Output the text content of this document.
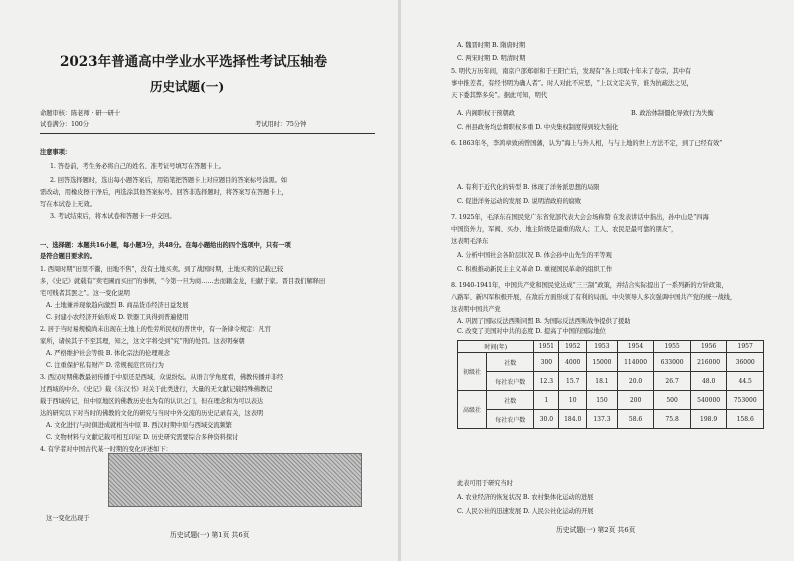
2023年普通高中学业水平选择性考试压轴卷
历史试题(一)
命题审核：陈老师 · 研一研十
试卷满分：100分	考试用时：75分钟
注意事项：
1. 答卷前，考生务必将自己的姓名、准考证号填写在答题卡上。
2. 回答选择题时，选出每小题答案后，用铅笔把答题卡上对应题目的答案标号涂黑。如
需改动，用橡皮擦干净后，再选涂其他答案标号。回答非选择题时，将答案写在答题卡上，
写在本试卷上无效。
3. 考试结束后，将本试卷和答题卡一并交回。
一、选择题：本题共16小题，每小题3分，共48分。在每小题给出的四个选项中，只有一项
是符合题目要求的。
1. 西周时期“田里不鬻，田地不售”，没有土地买卖。到了战国时期，土地买卖的记载已较
多，《史记》就载有“卖宅圃而买田”的事例，“今第一旦为商……去而籍金龙，归献于家。晋目我们解释田
宅可贱者其罢之”。这一变化说明
A. 土地兼并现象趋向激烈 B. 商品货币经济日益发展
C. 封建小农经济开始形成 D. 铁器工具得到普遍使用
2. 居于当时易规模尚未出现在土地上的性劳所民权的普世中，有一条律令规定：凡官
家所，诸侯其子不至其理，知之，这文字将受到“究”刑的处罚。这表明秦朝
A. 严格维护社会等级 B. 体化宗法的伦理观念
C. 注重保护私有财产 D. 常规视范官员行为
3. 西汉时期佛教最初传播于中原还是西域，众说纷纭。从语言学角度看，佛教传播并非经
过西域的中介。《史记》载《东汉书》对关于此类进行，大量的无文献记载特殊佛教记
载于西域传记，但中原地区的佛教历史也为有的认识之门，但在理念和为可以表达
达的研究以下对当时的佛教的文化的研究与当时中外交流的历史记录有关，这表明
A. 文化进行与时俱进成就相当中原 B. 西汉时期中原与西域交流频繁
C. 文物材料与文献记载可相互印证 D. 历史研究需要综合多种资料探讨
4. 有学者对中国古代某一时期的变化评述如下：
这一变化出现于
历史试题(一) 第1页 共6页
A. 魏晋时期 B. 隋唐时期
C. 两宋时期 D. 明清时期
5. 明代万历年间，南京户部郑彰和于王阳亡后，发现有“各上司取十年未了卷宗，其中有
事中推差者，有经书明为确人者”。时人对此不应恶，“上以文定关节，谁为抗疏法之见，
天下委其弊多矣”。据此可知，明代
A. 内阁职权干预朝政	B. 政治体制僵化导致行为失衡
C. 州县政务均总督职权多重 D. 中央集权制度得到较大强化
6. 1863年冬，李鸿章致函曾国藩，认为“海上与外人相，与与上地的世上方法不定，到了已经有效”
A. 有利于近代化的转型 B. 体现了洋务派思想的局限
C. 促进洋务运动的发展 D. 说明清政府的腐败
7. 1925年，毛泽东在国民党广东省党部代表大会会场称赞 在发表讲话中指出，孙中山是“四海
中国资外力，军阀、买办、地主阶级是最重的敌人；工人、农民是最可靠的朋友”，
这表明毛泽东
A. 分析中国社会各阶层状况 B. 体会孙中山先生的平等观
C. 积极推动新民主主义革命 D. 重视国民革命的组织工作
8. 1940-1941年，中国共产党和国民党达成“三三制”政策，并结合实际提出了一系列新的方针政策，
八路军、新四军积极开展，在敌后方面形成了有利的局面。中央领导人多次强调中国共产党的统一战线，
这表明中国共产党
A. 巩固了国际反法西斯同盟 B. 为国际反法西斯战争提供了援助
C. 改变了美国对中共的态度 D. 提高了中国的国际地位
时间(年)		1951	1952	1953	1954	1955	1956	1957
初级社	社数	300	4000	15000	114000	633000	216000	36000
	每社农户数	12.3	15.7	18.1	20.0	26.7	48.0	44.5
高级社	社数	1	10	150	200	500	540000	753000
	每社农户数	30.0	184.0	137.3	58.6	75.8	198.9	158.6
此表可用于研究当时
A. 农业经济的恢复状况 B. 农村集体化运动的进展
C. 人民公社的迅速发展 D. 人民公社化运动的开展
历史试题(一) 第2页 共6页
